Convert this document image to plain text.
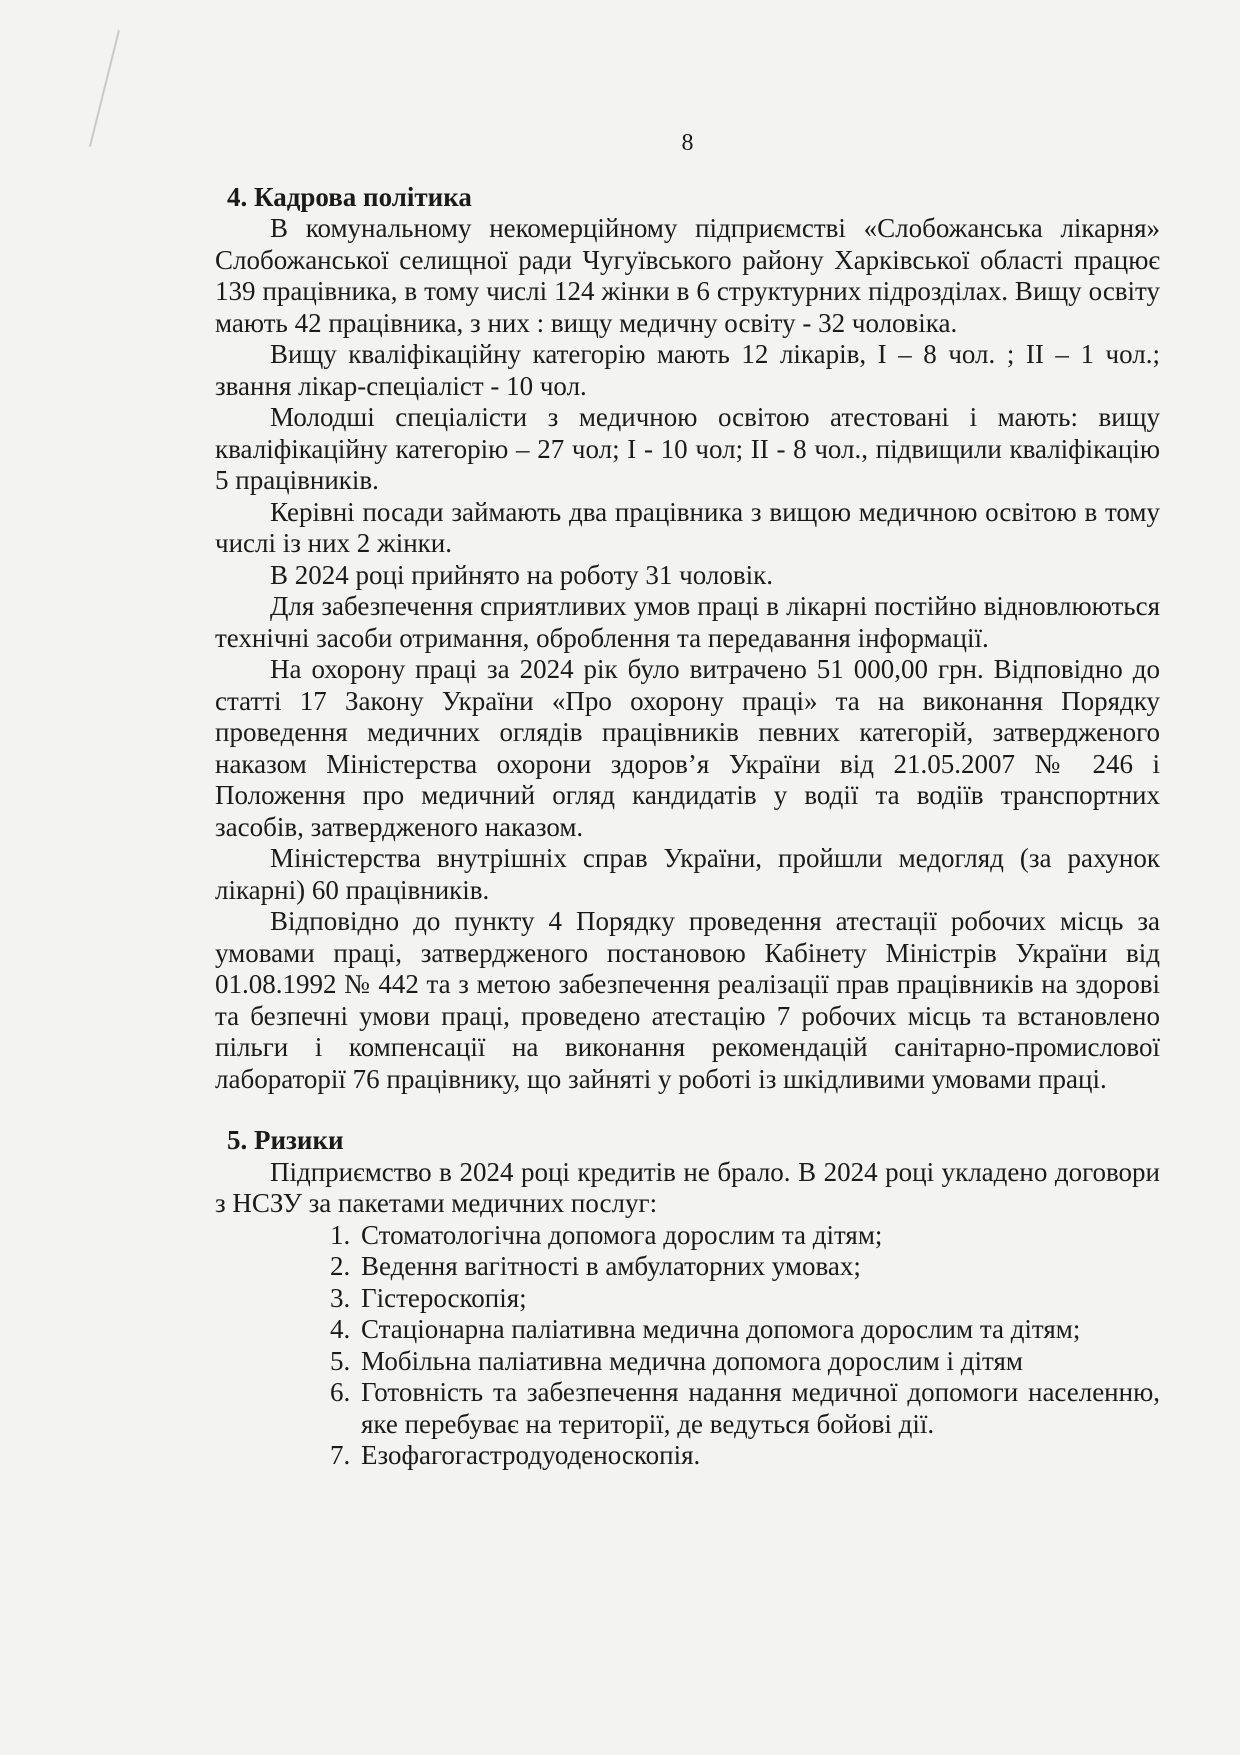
8
4. Кадрова політика

В комунальному некомерційному підприємстві «Слобожанська лікарня» Слобожанської селищної ради Чугуївського району Харківської області працює 139 працівника, в тому числі 124 жінки в 6 структурних підрозділах. Вищу освіту мають 42 працівника, з них : вищу медичну освіту - 32 чоловіка.

Вищу кваліфікаційну категорію мають 12 лікарів, I – 8 чол. ; II – 1 чол.; звання лікар-спеціаліст - 10 чол.

Молодші спеціалісти з медичною освітою атестовані і мають: вищу кваліфікаційну категорію – 27 чол; I - 10 чол; II - 8 чол., підвищили кваліфікацію 5 працівників.

Керівні посади займають два працівника з вищою медичною освітою в тому числі із них 2 жінки.

В 2024 році прийнято на роботу 31 чоловік.

Для забезпечення сприятливих умов праці в лікарні постійно відновлюються технічні засоби отримання, оброблення та передавання інформації.

На охорону праці за 2024 рік було витрачено 51 000,00 грн. Відповідно до статті 17 Закону України «Про охорону праці» та на виконання Порядку проведення медичних оглядів працівників певних категорій, затвердженого наказом Міністерства охорони здоров’я України від 21.05.2007 № 246 і Положення про медичний огляд кандидатів у водії та водіїв транспортних засобів, затвердженого наказом.

Міністерства внутрішніх справ України, пройшли медогляд (за рахунок лікарні) 60 працівників.

Відповідно до пункту 4 Порядку проведення атестації робочих місць за умовами праці, затвердженого постановою Кабінету Міністрів України від 01.08.1992 № 442 та з метою забезпечення реалізації прав працівників на здорові та безпечні умови праці, проведено атестацію 7 робочих місць та встановлено пільги і компенсації на виконання рекомендацій санітарно-промислової лабораторії 76 працівнику, що зайняті у роботі із шкідливими умовами праці.

5. Ризики

Підприємство в 2024 році кредитів не брало. В 2024 році укладено договори з НСЗУ за пакетами медичних послуг:

1. Стоматологічна допомога дорослим та дітям;
2. Ведення вагітності в амбулаторних умовах;
3. Гістероскопія;
4. Стаціонарна паліативна медична допомога дорослим та дітям;
5. Мобільна паліативна медична допомога дорослим і дітям
6. Готовність та забезпечення надання медичної допомоги населенню, яке перебуває на території, де ведуться бойові дії.
7. Езофагогастродуоденоскопія.
